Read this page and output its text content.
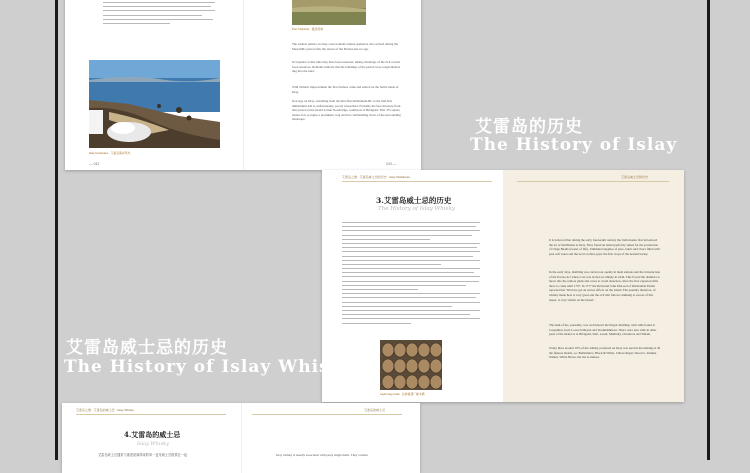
Islay landscape · 艾雷岛海岸风光
— 042
Port Charlotte · 夏洛特港
The earliest settlers on Islay were nomadic hunter-gatherers who arrived during the Mesolithic period after the retreat of the Pleistocene ice age.
Occupation at this time may have been seasonal, taking advantage of the rich coastal food resources. Remains indicate that the buildings of the period were rough shelters dug into the sand.
With climatic improvement the first farmers came and settled on the fertile lands of Islay.
Iron Age on Islay, extending from the mid-first millennium BC to the mid-first millennium AD is, unfortunately, poorly researched. Probably the best structure from that period on the island is Dun Nosebridge, southwest of Bridgend. This 375 square meters fort occupies a prominent crag and has commanding views of the surrounding landscape.
043 —
艾雷岛的历史
The History of Islay
艾雷岛之旅 · 艾雷岛威士忌的历史 · Islay Distilleries
3.艾雷岛威士忌的历史
The History of Islay Whisky
Laphroaig Cask · 拉弗格酒厂橡木桶
艾雷岛威士忌的历史
It is believed that during the early fourteenth century the Irish monks first introduced the art of distillation to Islay. They found an island perfectly suited for the production of Uisge Beatha (water of life). Unlimited supplies of pure, burns and rivers filled with peat soft water and the local crofters grew the first crops of the needed barley.
In the early days, distilling was carried out openly in bush stations and the introduction of the Excise Act when a tax was levied on whisky in 1644. This forced the distillers to move into the remote glens and caves to avoid detection, since the first exported stills there to come until 1797. In 1777 the Reverend John McLeod of Kilchoman Parish reported that 'We have got an excise officer on the island. The quantity therefore, of whisky made here is very great and the evil that follows drinking to excess of this liquor, is very visible on the island.'
The bulk of the, presently, was well known the illegal distilling, with stills found at Ceapabhal, Guil, Lower Killeyan and Stremnishmore. There were also stills in other parts of the island as at Bridgend, Dail, Lossit, Mulindry, Octomore and Tallant.
Today there around 10% of the whisky produced on Islay was used in the making of all the famous blends, i.e. Ballantine's, Black & White, Chivas Regal, Dewar's, Johnnie Walker, White Horse, the list is endless.
艾雷岛威士忌的历史
The History of Islay Whisky
艾雷岛之旅 · 艾雷岛的威士忌 · Islay Whisky
4.艾雷岛的威士忌
Islay Whisky
艾雷岛威士忌通常与重度泥煤风味的单一麦芽威士忌联系在一起
艾雷岛的威士忌
Islay whisky is usually associated with peaty single malts. They contain
